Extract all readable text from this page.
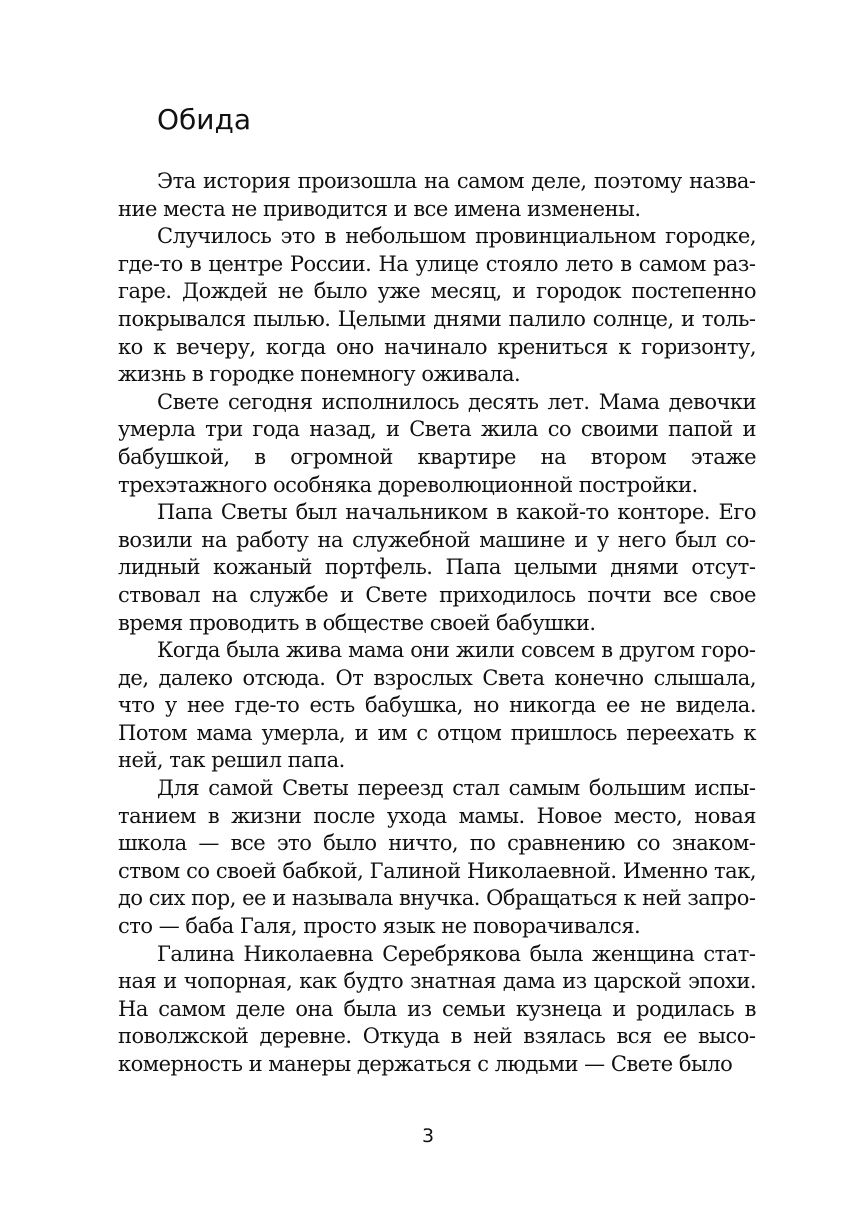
Обида

Эта история произошла на самом деле, поэтому название места не приводится и все имена изменены.

Случилось это в небольшом провинциальном городке, где-то в центре России. На улице стояло лето в самом разгаре. Дождей не было уже месяц, и городок постепенно покрывался пылью. Целыми днями палило солнце, и только к вечеру, когда оно начинало крениться к горизонту, жизнь в городке понемногу оживала.

Свете сегодня исполнилось десять лет. Мама девочки умерла три года назад, и Света жила со своими папой и бабушкой, в огромной квартире на втором этаже трехэтажного особняка дореволюционной постройки.

Папа Светы был начальником в какой-то конторе. Его возили на работу на служебной машине и у него был солидный кожаный портфель. Папа целыми днями отсутствовал на службе и Свете приходилось почти все свое время проводить в обществе своей бабушки.

Когда была жива мама они жили совсем в другом городе, далеко отсюда. От взрослых Света конечно слышала, что у нее где-то есть бабушка, но никогда ее не видела. Потом мама умерла, и им с отцом пришлось переехать к ней, так решил папа.

Для самой Светы переезд стал самым большим испытанием в жизни после ухода мамы. Новое место, новая школа — все это было ничто, по сравнению со знакомством со своей бабкой, Галиной Николаевной. Именно так, до сих пор, ее и называла внучка. Обращаться к ней запросто — баба Галя, просто язык не поворачивался.

Галина Николаевна Серебрякова была женщина статная и чопорная, как будто знатная дама из царской эпохи. На самом деле она была из семьи кузнеца и родилась в поволжской деревне. Откуда в ней взялась вся ее высокомерность и манеры держаться с людьми — Свете было

3
